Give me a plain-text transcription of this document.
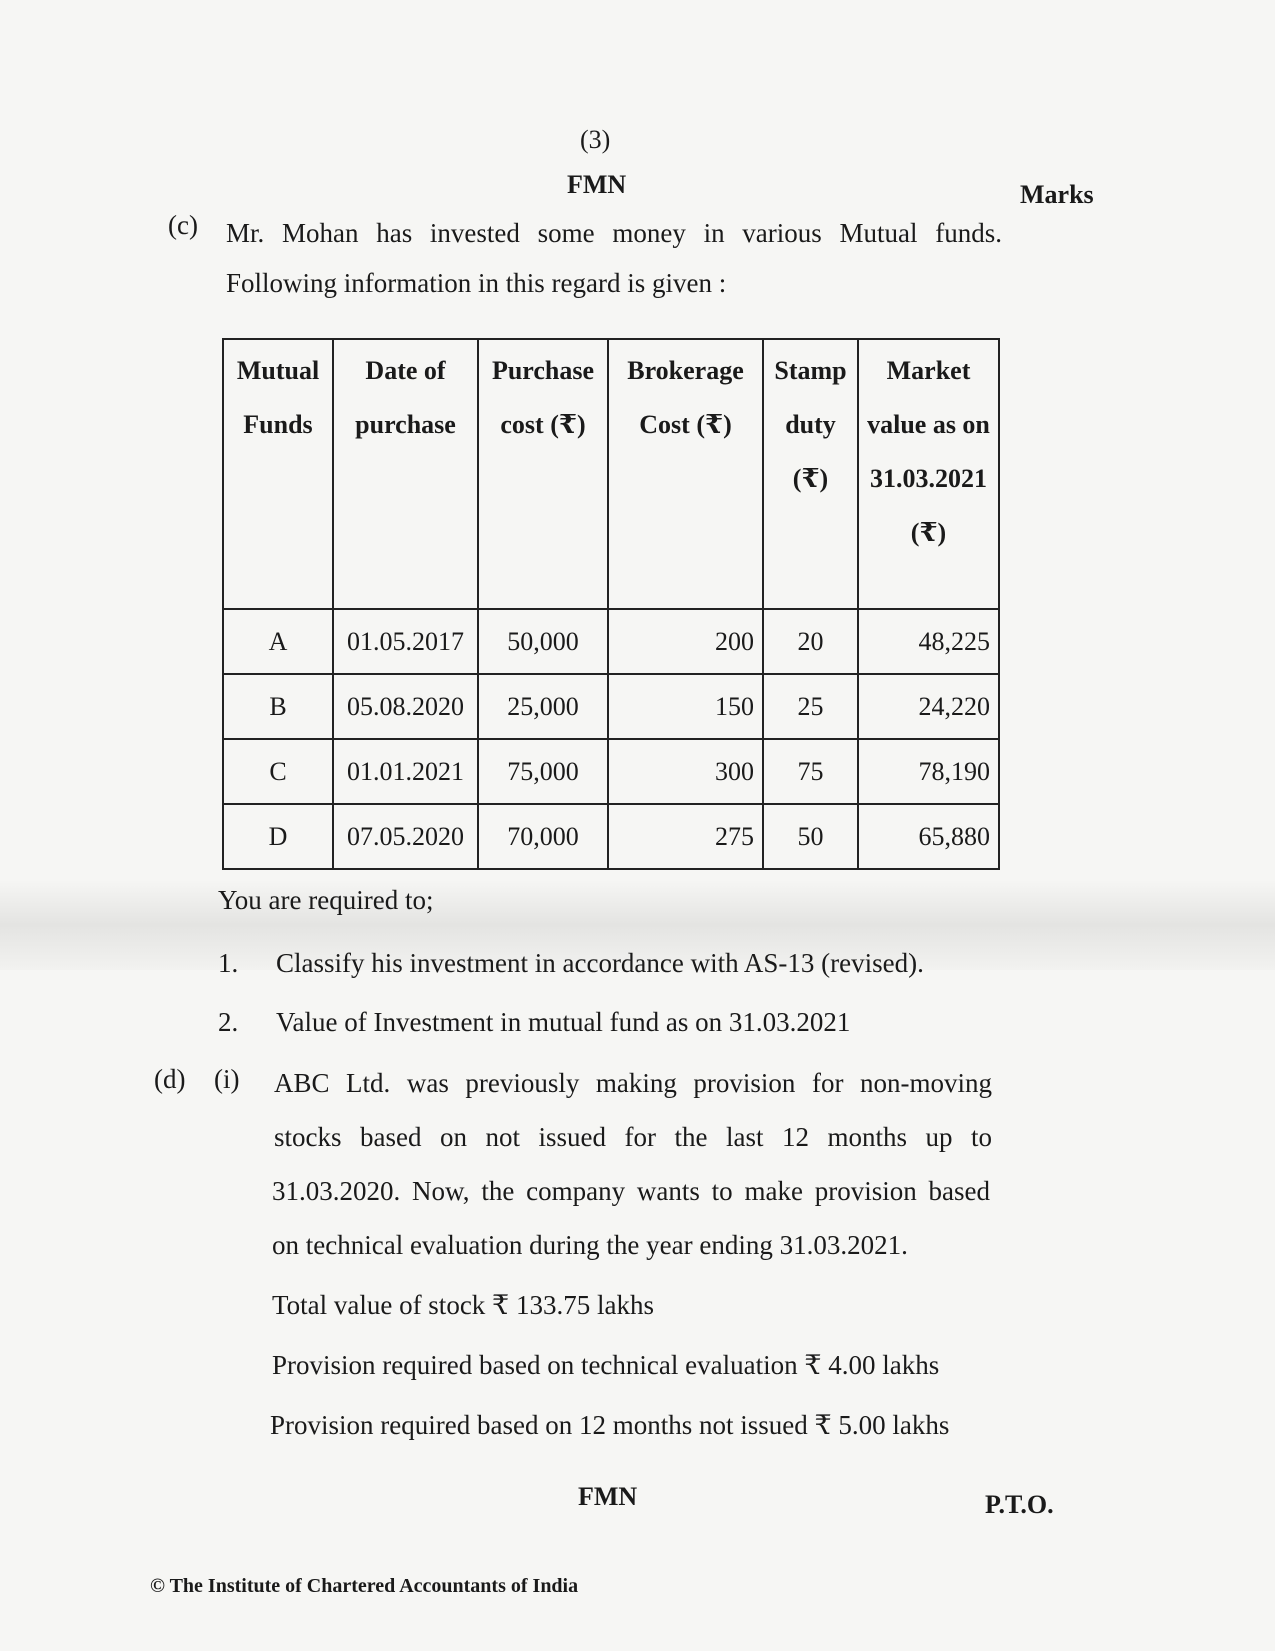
(3)
FMN	Marks
(c) Mr. Mohan has invested some money in various Mutual funds.
Following information in this regard is given :
Mutual Funds	Date of purchase	Purchase cost (₹)	Brokerage Cost (₹)	Stamp duty (₹)	Market value as on 31.03.2021 (₹)
A	01.05.2017	50,000	200	20	48,225
B	05.08.2020	25,000	150	25	24,220
C	01.01.2021	75,000	300	75	78,190
D	07.05.2020	70,000	275	50	65,880
You are required to;
1. Classify his investment in accordance with AS-13 (revised).
2. Value of Investment in mutual fund as on 31.03.2021
(d) (i) ABC Ltd. was previously making provision for non-moving
stocks based on not issued for the last 12 months up to
31.03.2020. Now, the company wants to make provision based
on technical evaluation during the year ending 31.03.2021.
Total value of stock ₹ 133.75 lakhs
Provision required based on technical evaluation ₹ 4.00 lakhs
Provision required based on 12 months not issued ₹ 5.00 lakhs
FMN	P.T.O.
© The Institute of Chartered Accountants of India
